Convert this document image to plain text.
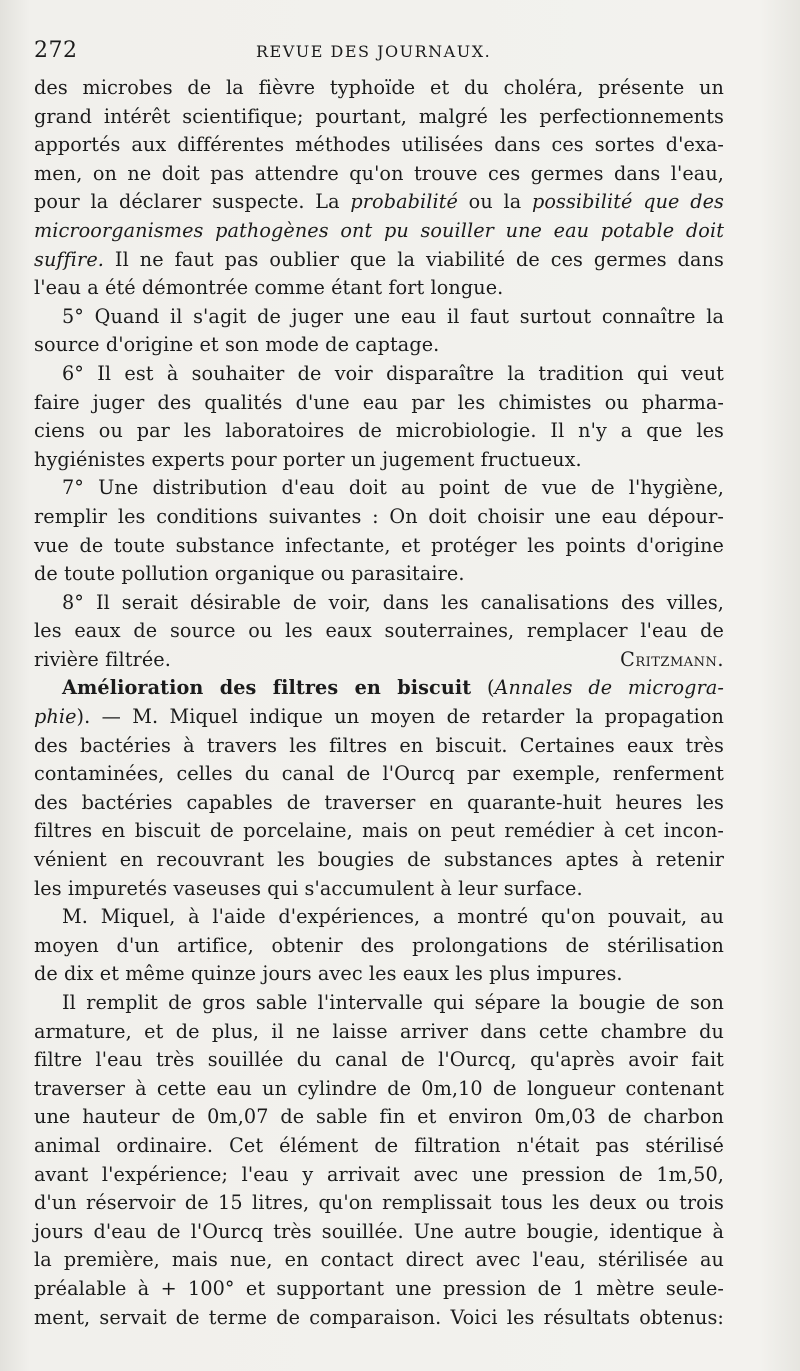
272	REVUE DES JOURNAUX.
des microbes de la fièvre typhoïde et du choléra, présente un
grand intérêt scientifique; pourtant, malgré les perfectionnements
apportés aux différentes méthodes utilisées dans ces sortes d'exa-
men, on ne doit pas attendre qu'on trouve ces germes dans l'eau,
pour la déclarer suspecte. La probabilité ou la possibilité que des
microorganismes pathogènes ont pu souiller une eau potable doit
suffire. Il ne faut pas oublier que la viabilité de ces germes dans
l'eau a été démontrée comme étant fort longue.
5° Quand il s'agit de juger une eau il faut surtout connaître la
source d'origine et son mode de captage.
6° Il est à souhaiter de voir disparaître la tradition qui veut
faire juger des qualités d'une eau par les chimistes ou pharma-
ciens ou par les laboratoires de microbiologie. Il n'y a que les
hygiénistes experts pour porter un jugement fructueux.
7° Une distribution d'eau doit au point de vue de l'hygiène,
remplir les conditions suivantes : On doit choisir une eau dépour-
vue de toute substance infectante, et protéger les points d'origine
de toute pollution organique ou parasitaire.
8° Il serait désirable de voir, dans les canalisations des villes,
les eaux de source ou les eaux souterraines, remplacer l'eau de
rivière filtrée.	Critzmann.
Amélioration des filtres en biscuit (Annales de microgra-
phie). — M. Miquel indique un moyen de retarder la propagation
des bactéries à travers les filtres en biscuit. Certaines eaux très
contaminées, celles du canal de l'Ourcq par exemple, renferment
des bactéries capables de traverser en quarante-huit heures les
filtres en biscuit de porcelaine, mais on peut remédier à cet incon-
vénient en recouvrant les bougies de substances aptes à retenir
les impuretés vaseuses qui s'accumulent à leur surface.
M. Miquel, à l'aide d'expériences, a montré qu'on pouvait, au
moyen d'un artifice, obtenir des prolongations de stérilisation
de dix et même quinze jours avec les eaux les plus impures.
Il remplit de gros sable l'intervalle qui sépare la bougie de son
armature, et de plus, il ne laisse arriver dans cette chambre du
filtre l'eau très souillée du canal de l'Ourcq, qu'après avoir fait
traverser à cette eau un cylindre de 0m,10 de longueur contenant
une hauteur de 0m,07 de sable fin et environ 0m,03 de charbon
animal ordinaire. Cet élément de filtration n'était pas stérilisé
avant l'expérience; l'eau y arrivait avec une pression de 1m,50,
d'un réservoir de 15 litres, qu'on remplissait tous les deux ou trois
jours d'eau de l'Ourcq très souillée. Une autre bougie, identique à
la première, mais nue, en contact direct avec l'eau, stérilisée au
préalable à + 100° et supportant une pression de 1 mètre seule-
ment, servait de terme de comparaison. Voici les résultats obtenus:
